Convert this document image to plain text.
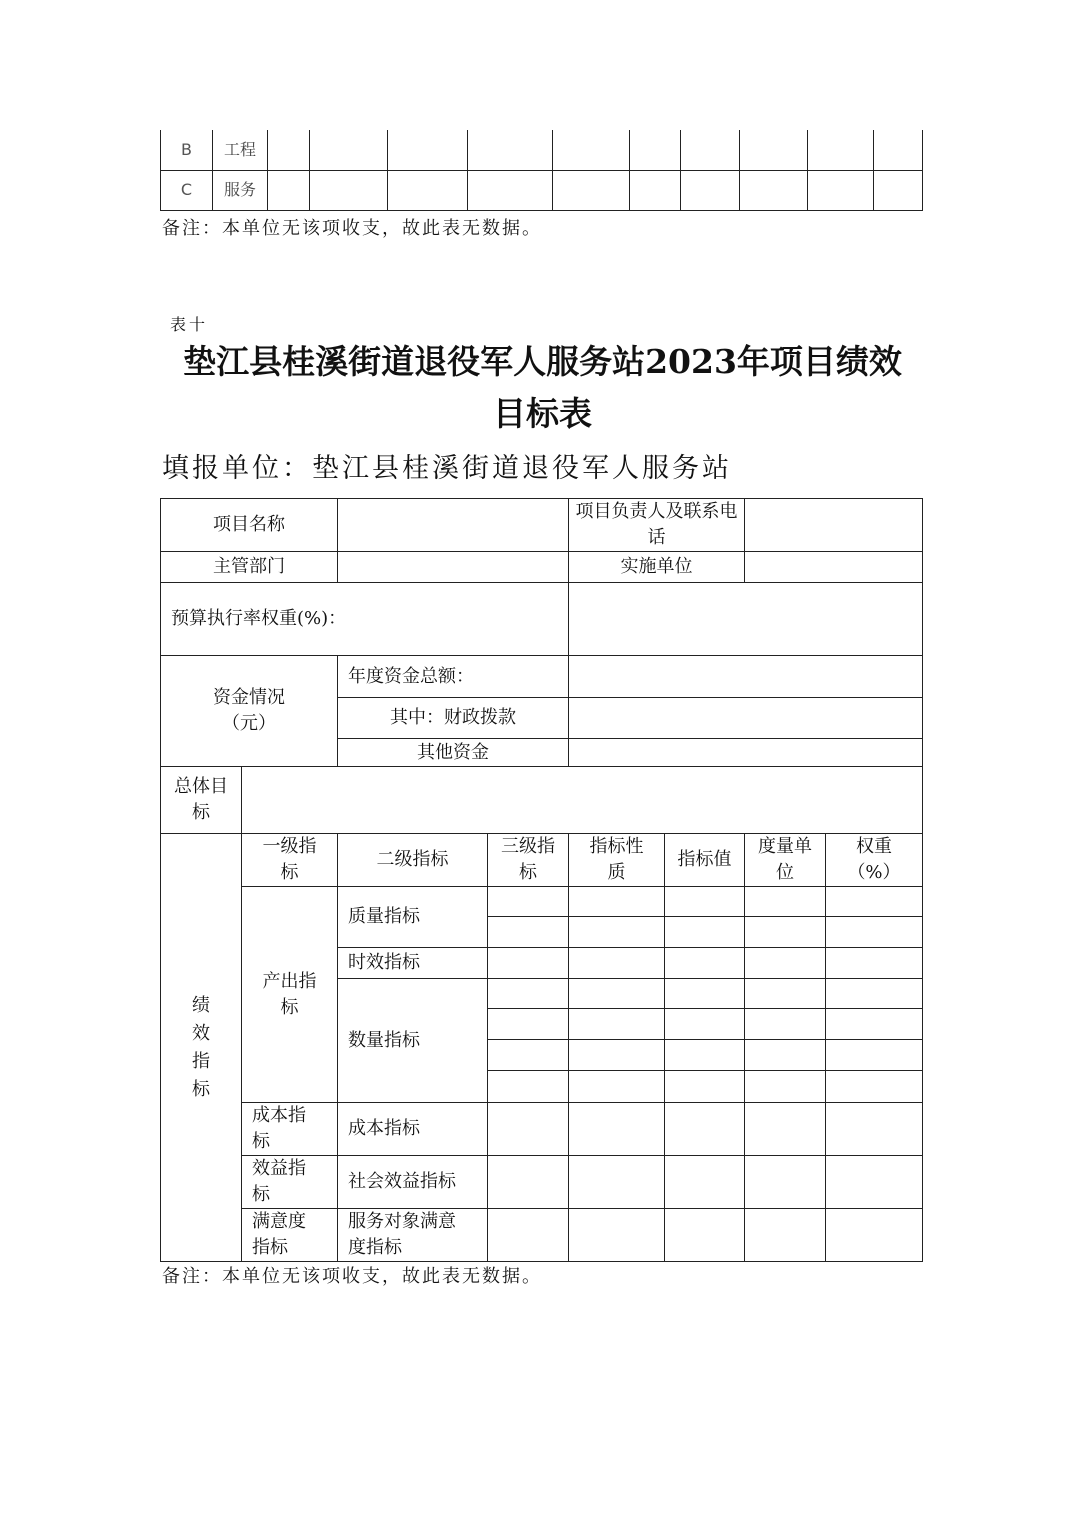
B	工程										
C	服务										
备注：本单位无该项收支，故此表无数据。
表十
垫江县桂溪街道退役军人服务站2023年项目绩效目标表
填报单位：垫江县桂溪街道退役军人服务站
项目名称				项目负责人及联系电话			
主管部门				实施单位			
预算执行率权重(%)：							
资金情况（元）		年度资金总额：					
		其中：财政拨款					
		其他资金					
总体目标							
绩效指标	一级指标	二级指标	三级指标	指标性质	指标值	度量单位	权重（%）
	产出指标	质量指标					

		时效指标					
		数量指标					

	成本指标	成本指标					
	效益指标	社会效益指标					
	满意度指标	服务对象满意度指标					
备注：本单位无该项收支，故此表无数据。
